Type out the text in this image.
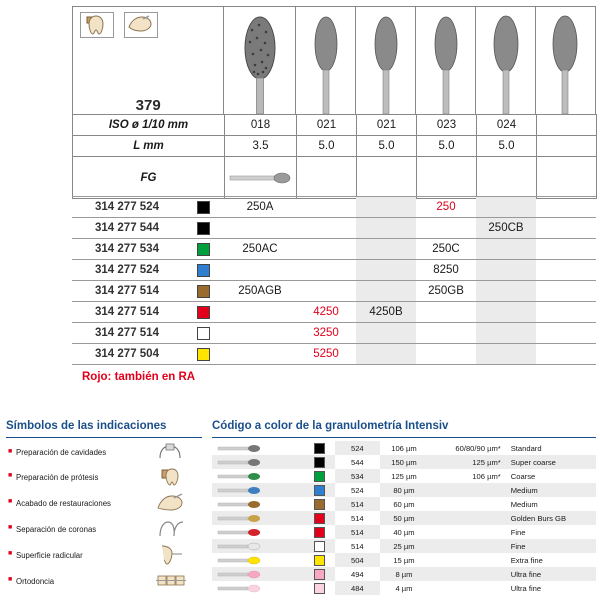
379	

ISO ø 1/10 mm	018	021	021	023	024	
L mm	3.5	5.0	5.0	5.0	5.0	
FG	

314 277 524		250A			250		
314 277 544						250CB	
314 277 534		250AC			250C		
314 277 524					8250		
314 277 514		250AGB			250GB		
314 277 514			4250	4250B			
314 277 514			3250				
314 277 504			5250				

Rojo: también en RA
Símbolos de las indicaciones
■ Preparación de cavidades	

■ Preparación de prótesis	

■ Acabado de restauraciones	

■ Separación de coronas	

■ Superficie radicular	

■ Ortodoncia	
Código a color de la granulometría Intensiv
		524	106 µm	60/80/90 µm*	Standard

		544	150 µm	125 µm*	Super coarse

		534	125 µm	106 µm*	Coarse

		524	80 µm		Medium

		514	60 µm		Medium

		514	50 µm		Golden Burs GB

		514	40 µm		Fine

		514	25 µm		Fine

		504	15 µm		Extra fine

		494	8 µm		Ultra fine

		484	4 µm		Ultra fine
